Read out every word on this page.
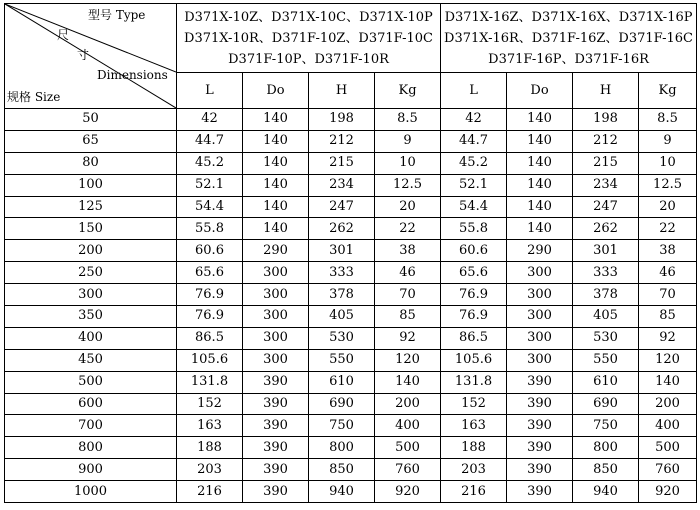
型号 Type
尺
寸
Dimensions
规格 Size	D371X-10Z、D371X-10C、D371X-10P
D371X-10R、D371F-10Z、D371F-10C
D371F-10P、D371F-10R				D371X-16Z、D371X-16X、D371X-16P
D371X-16R、D371F-16Z、D371F-16C
D371F-16P、D371F-16R			

	L	Do	H	Kg	L	Do	H	Kg
50	42	140	198	8.5	42	140	198	8.5
65	44.7	140	212	9	44.7	140	212	9
80	45.2	140	215	10	45.2	140	215	10
100	52.1	140	234	12.5	52.1	140	234	12.5
125	54.4	140	247	20	54.4	140	247	20
150	55.8	140	262	22	55.8	140	262	22
200	60.6	290	301	38	60.6	290	301	38
250	65.6	300	333	46	65.6	300	333	46
300	76.9	300	378	70	76.9	300	378	70
350	76.9	300	405	85	76.9	300	405	85
400	86.5	300	530	92	86.5	300	530	92
450	105.6	300	550	120	105.6	300	550	120
500	131.8	390	610	140	131.8	390	610	140
600	152	390	690	200	152	390	690	200
700	163	390	750	400	163	390	750	400
800	188	390	800	500	188	390	800	500
900	203	390	850	760	203	390	850	760
1000	216	390	940	920	216	390	940	920
